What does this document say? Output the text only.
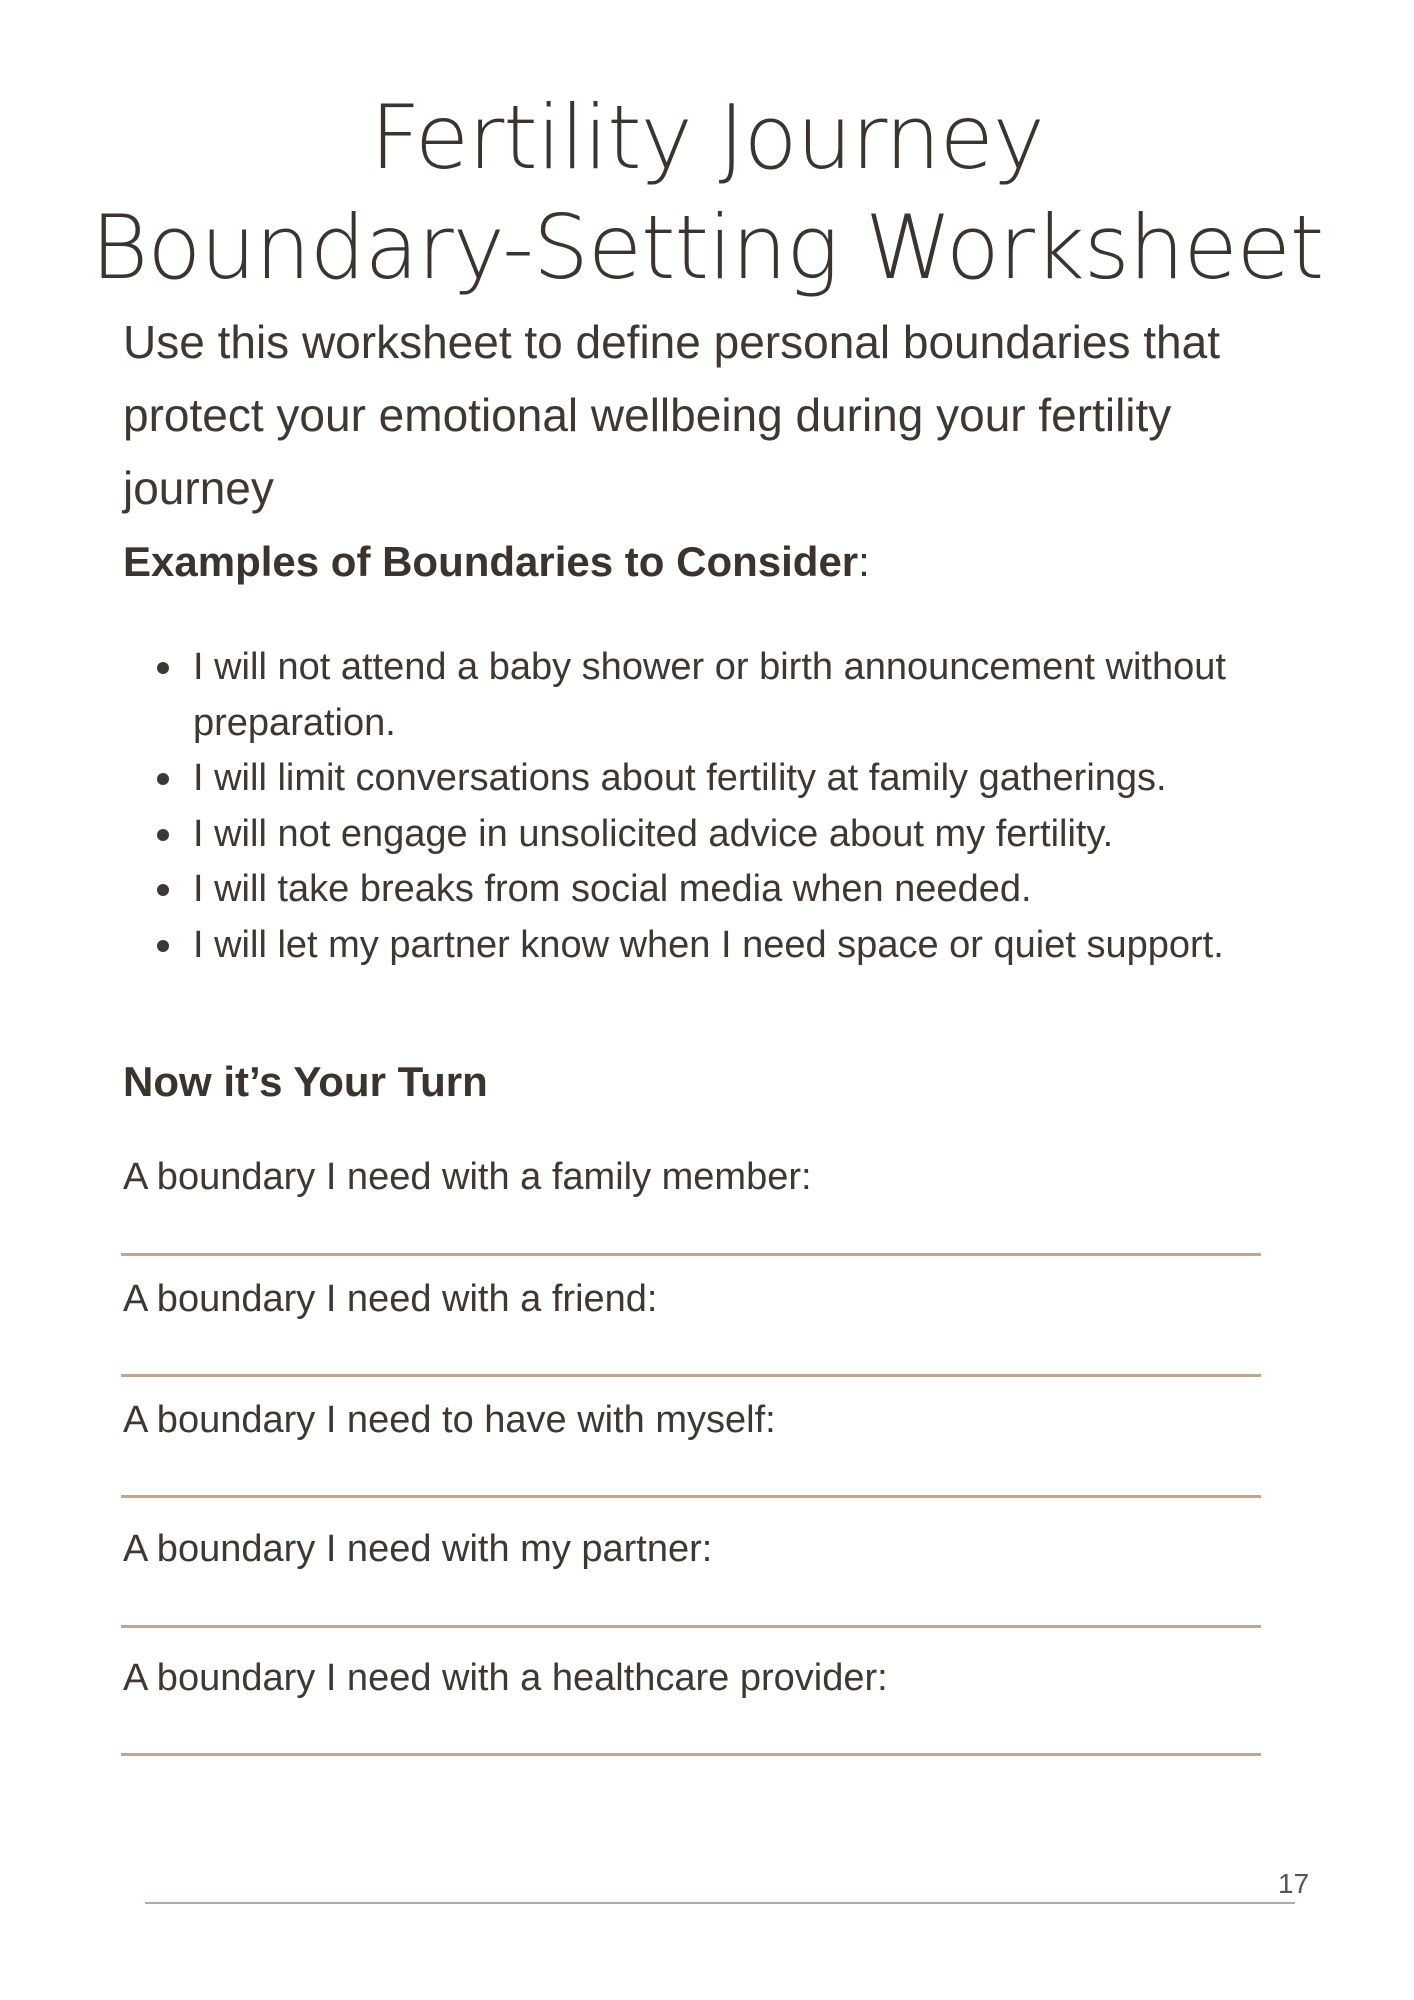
Fertility Journey
Boundary-Setting Worksheet

Use this worksheet to define personal boundaries that protect your emotional wellbeing during your fertility journey

Examples of Boundaries to Consider:
I will not attend a baby shower or birth announcement without preparation.
I will limit conversations about fertility at family gatherings.
I will not engage in unsolicited advice about my fertility.
I will take breaks from social media when needed.
I will let my partner know when I need space or quiet support.
Now it’s Your Turn
A boundary I need with a family member:
A boundary I need with a friend:
A boundary I need to have with myself:
A boundary I need with my partner:
A boundary I need with a healthcare provider:
17
